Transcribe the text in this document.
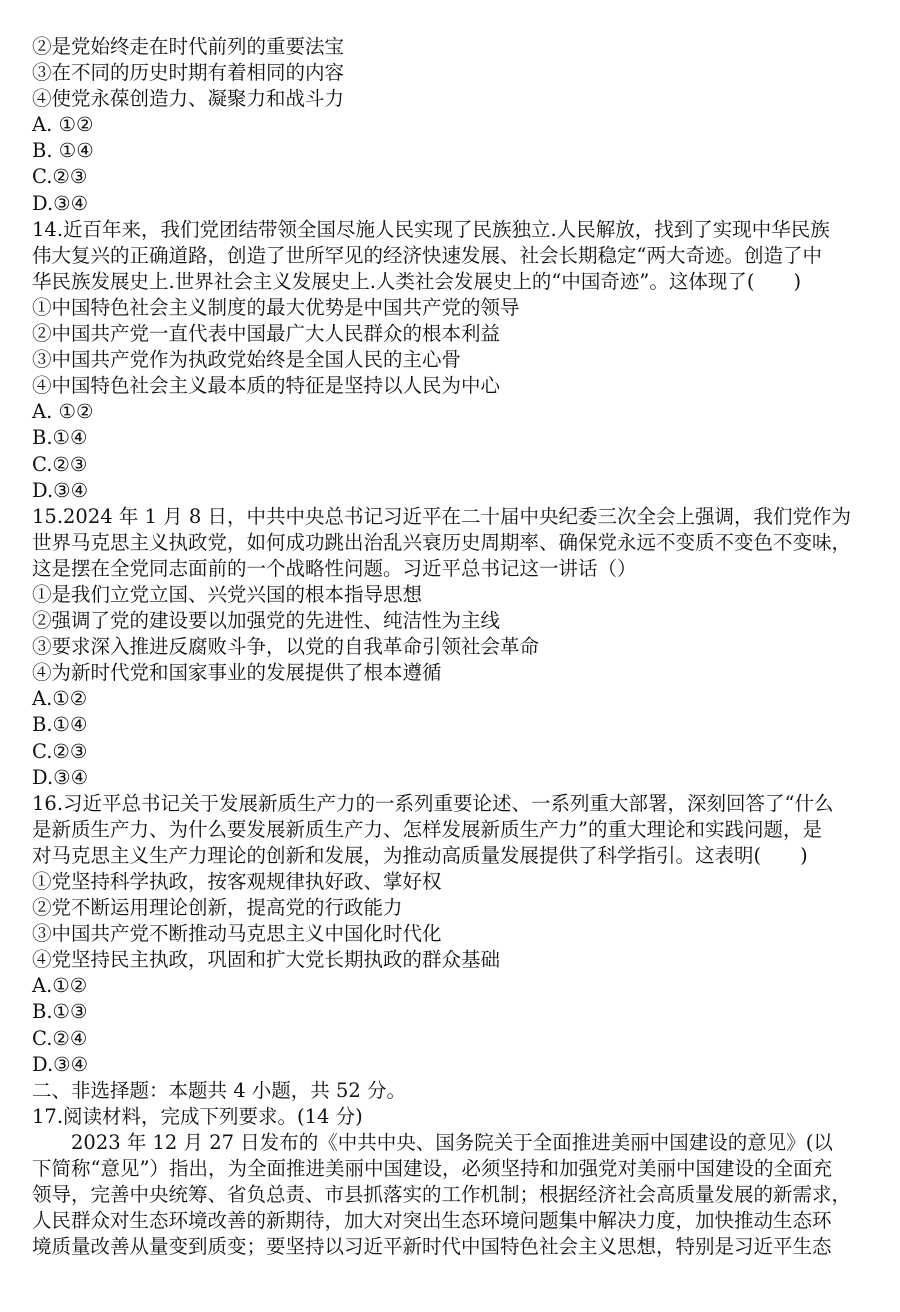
②是党始终走在时代前列的重要法宝
③在不同的历史时期有着相同的内容
④使党永葆创造力、凝聚力和战斗力
A. ①②
B. ①④
C.②③
D.③④
14.近百年来，我们党团结带领全国尽施人民实现了民族独立.人民解放，找到了实现中华民族
伟大复兴的正确道路，创造了世所罕见的经济快速发展、社会长期稳定“两大奇迹。创造了中
华民族发展史上.世界社会主义发展史上.人类社会发展史上的“中国奇迹”。这体现了(　　)
①中国特色社会主义制度的最大优势是中国共产党的领导
②中国共产党一直代表中国最广大人民群众的根本利益
③中国共产党作为执政党始终是全国人民的主心骨
④中国特色社会主义最本质的特征是坚持以人民为中心
A. ①②
B.①④
C.②③
D.③④
15.2024 年 1 月 8 日，中共中央总书记习近平在二十届中央纪委三次全会上强调，我们党作为
世界马克思主义执政党，如何成功跳出治乱兴衰历史周期率、确保党永远不变质不变色不变味，
这是摆在全党同志面前的一个战略性问题。习近平总书记这一讲话（）
①是我们立党立国、兴党兴国的根本指导思想
②强调了党的建设要以加强党的先进性、纯洁性为主线
③要求深入推进反腐败斗争，以党的自我革命引领社会革命
④为新时代党和国家事业的发展提供了根本遵循
A.①②
B.①④
C.②③
D.③④
16.习近平总书记关于发展新质生产力的一系列重要论述、一系列重大部署，深刻回答了“什么
是新质生产力、为什么要发展新质生产力、怎样发展新质生产力”的重大理论和实践问题，是
对马克思主义生产力理论的创新和发展，为推动高质量发展提供了科学指引。这表明(　　)
①党坚持科学执政，按客观规律执好政、掌好权
②党不断运用理论创新，提高党的行政能力
③中国共产党不断推动马克思主义中国化时代化
④党坚持民主执政，巩固和扩大党长期执政的群众基础
A.①②
B.①③
C.②④
D.③④
二、非选择题：本题共 4 小题，共 52 分。
17.阅读材料，完成下列要求。(14 分)
　　2023 年 12 月 27 日发布的《中共中央、国务院关于全面推进美丽中国建设的意见》(以
下简称“意见”）指出，为全面推进美丽中国建设，必须坚持和加强党对美丽中国建设的全面充
领导，完善中央统筹、省负总责、市县抓落实的工作机制；根据经济社会高质量发展的新需求，
人民群众对生态环境改善的新期待，加大对突出生态环境问题集中解决力度，加快推动生态环
境质量改善从量变到质变；要坚持以习近平新时代中国特色社会主义思想，特别是习近平生态
